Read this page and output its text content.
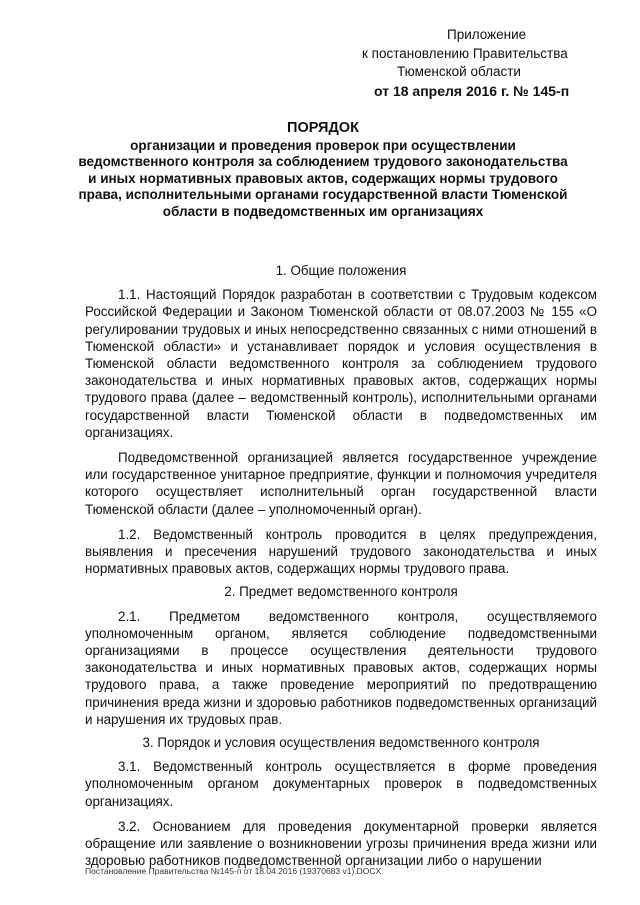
Приложение
к постановлению Правительства
Тюменской области
от 18 апреля 2016 г. № 145-п
ПОРЯДОК
организации и проведения проверок при осуществлении ведомственного контроля за соблюдением трудового законодательства и иных нормативных правовых актов, содержащих нормы трудового права, исполнительными органами государственной власти Тюменской области в подведомственных им организациях
1. Общие положения

1.1. Настоящий Порядок разработан в соответствии с Трудовым кодексом Российской Федерации и Законом Тюменской области от 08.07.2003 № 155 «О регулировании трудовых и иных непосредственно связанных с ними отношений в Тюменской области» и устанавливает порядок и условия осуществления в Тюменской области ведомственного контроля за соблюдением трудового законодательства и иных нормативных правовых актов, содержащих нормы трудового права (далее – ведомственный контроль), исполнительными органами государственной власти Тюменской области в подведомственных им организациях.

Подведомственной организацией является государственное учреждение или государственное унитарное предприятие, функции и полномочия учредителя которого осуществляет исполнительный орган государственной власти Тюменской области (далее – уполномоченный орган).

1.2. Ведомственный контроль проводится в целях предупреждения, выявления и пресечения нарушений трудового законодательства и иных нормативных правовых актов, содержащих нормы трудового права.

2. Предмет ведомственного контроля

2.1. Предметом ведомственного контроля, осуществляемого уполномоченным органом, является соблюдение подведомственными организациями в процессе осуществления деятельности трудового законодательства и иных нормативных правовых актов, содержащих нормы трудового права, а также проведение мероприятий по предотвращению причинения вреда жизни и здоровью работников подведомственных организаций и нарушения их трудовых прав.

3. Порядок и условия осуществления ведомственного контроля

3.1. Ведомственный контроль осуществляется в форме проведения уполномоченным органом документарных проверок в подведомственных организациях.

3.2. Основанием для проведения документарной проверки является обращение или заявление о возникновении угрозы причинения вреда жизни или здоровью работников подведомственной организации либо о нарушении

Постановление Правительства №145-п от 18.04.2016 (19370683 v1).DOCX
